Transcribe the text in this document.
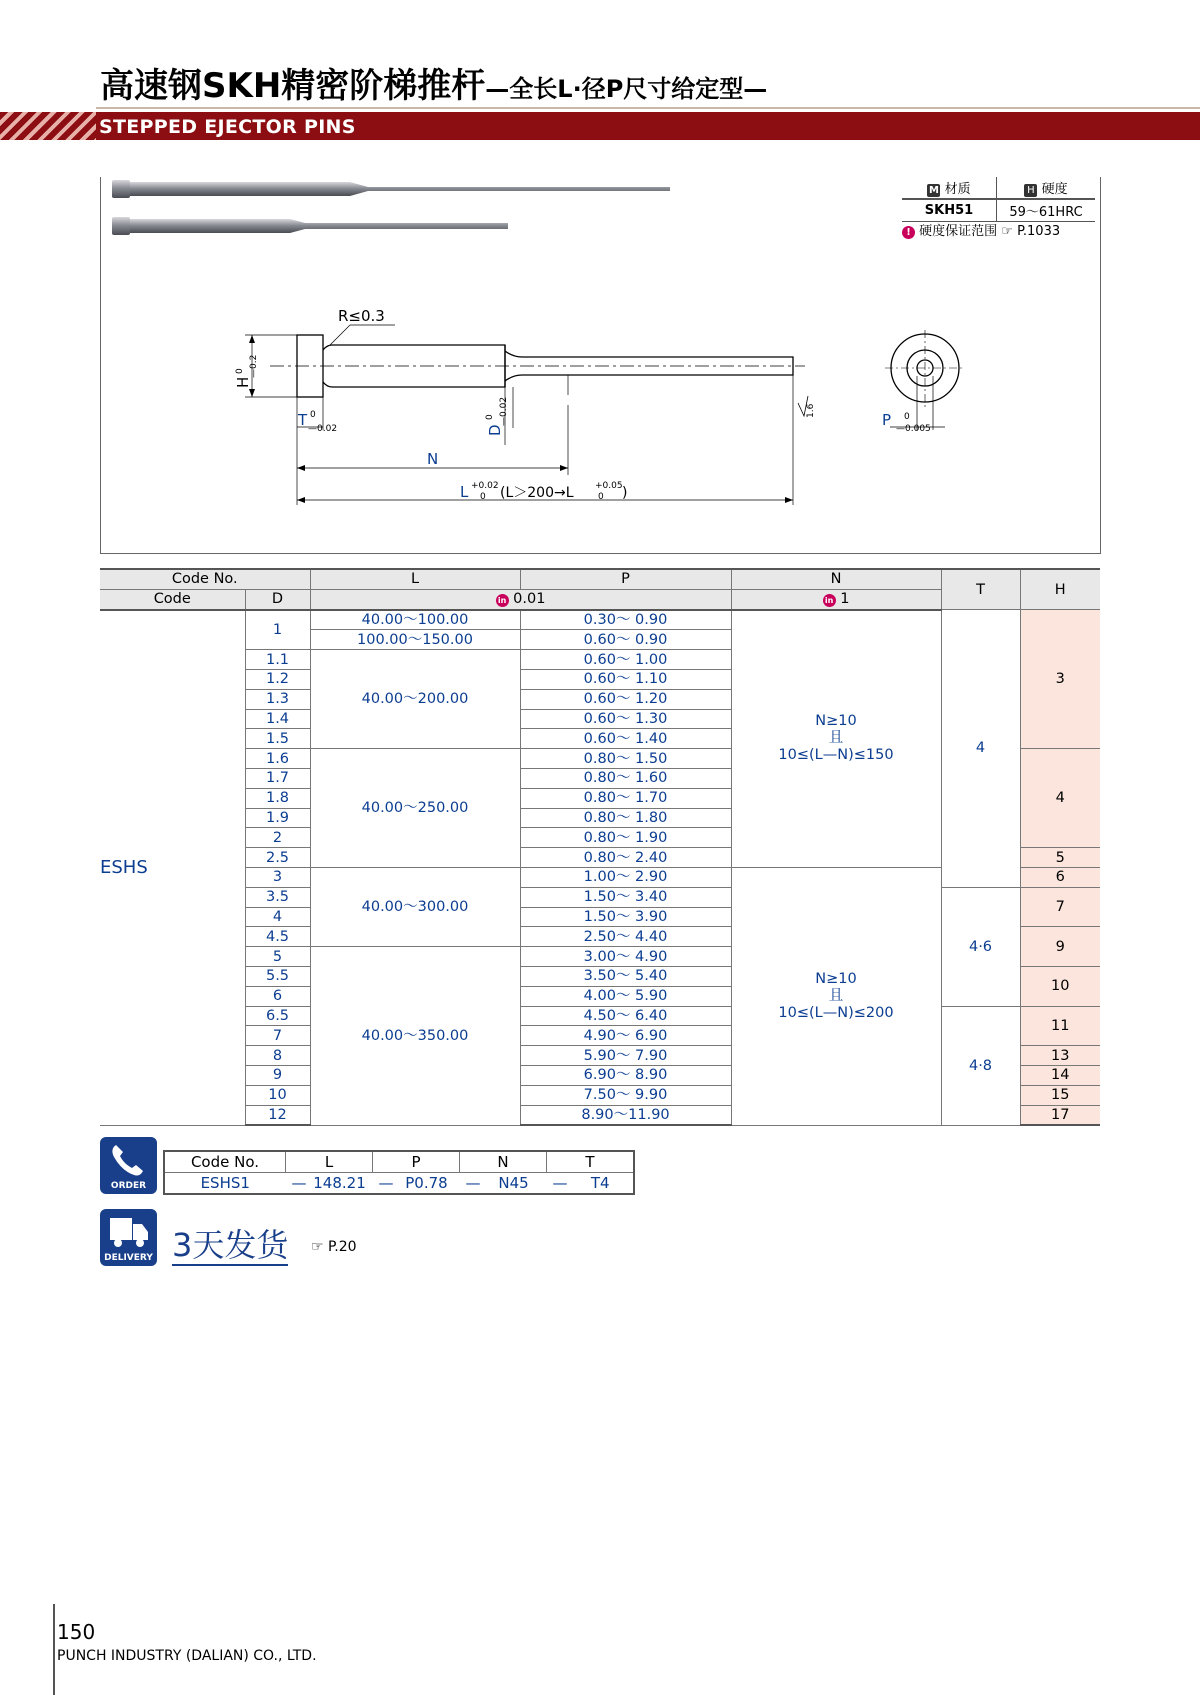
高速钢SKH精密阶梯推杆—全长L·径P尺寸给定型—
STEPPED EJECTOR PINS
M 材质	H 硬度
SKH51	59～61HRC
! 硬度保证范围 ☞ P.1033
R≤0.3
H
0 —0.2
T 0
—0.02	D
0 —0.02
N
L +0.02
0 (L＞200→L +0.05
0 )
1.6
P 0
—0.005
Code No.		L	P	N	T	H
Code	D	in 0.01		in 1		
ESHS	1	40.00～100.00	0.30～ 0.90	N≥10
且
10≤(L—N)≤150	4	3
		100.00～150.00	0.60～ 0.90			
	1.1	40.00～200.00	0.60～ 1.00			
	1.2		0.60～ 1.10			
	1.3		0.60～ 1.20			
	1.4		0.60～ 1.30			
	1.5		0.60～ 1.40			
	1.6	40.00～250.00	0.80～ 1.50			4
	1.7		0.80～ 1.60			
	1.8		0.80～ 1.70			
	1.9		0.80～ 1.80			
	2		0.80～ 1.90			
	2.5		0.80～ 2.40			5
	3	40.00～300.00	1.00～ 2.90	N≥10
且
10≤(L—N)≤200		6
	3.5		1.50～ 3.40		4·6	7
	4		1.50～ 3.90			
	4.5		2.50～ 4.40			9
	5	40.00～350.00	3.00～ 4.90			
	5.5		3.50～ 5.40			10
	6		4.00～ 5.90			
	6.5		4.50～ 6.40		4·8	11
	7		4.90～ 6.90			
	8		5.90～ 7.90			13
	9		6.90～ 8.90			14
	10		7.50～ 9.90			15
	12		8.90～11.90			17
ORDER
Code No.	L	P	N	T
ESHS1	— 148.21	— P0.78	— N45	— T4
DELIVERY 3天发货 ☞ P.20
150
PUNCH INDUSTRY (DALIAN) CO., LTD.
